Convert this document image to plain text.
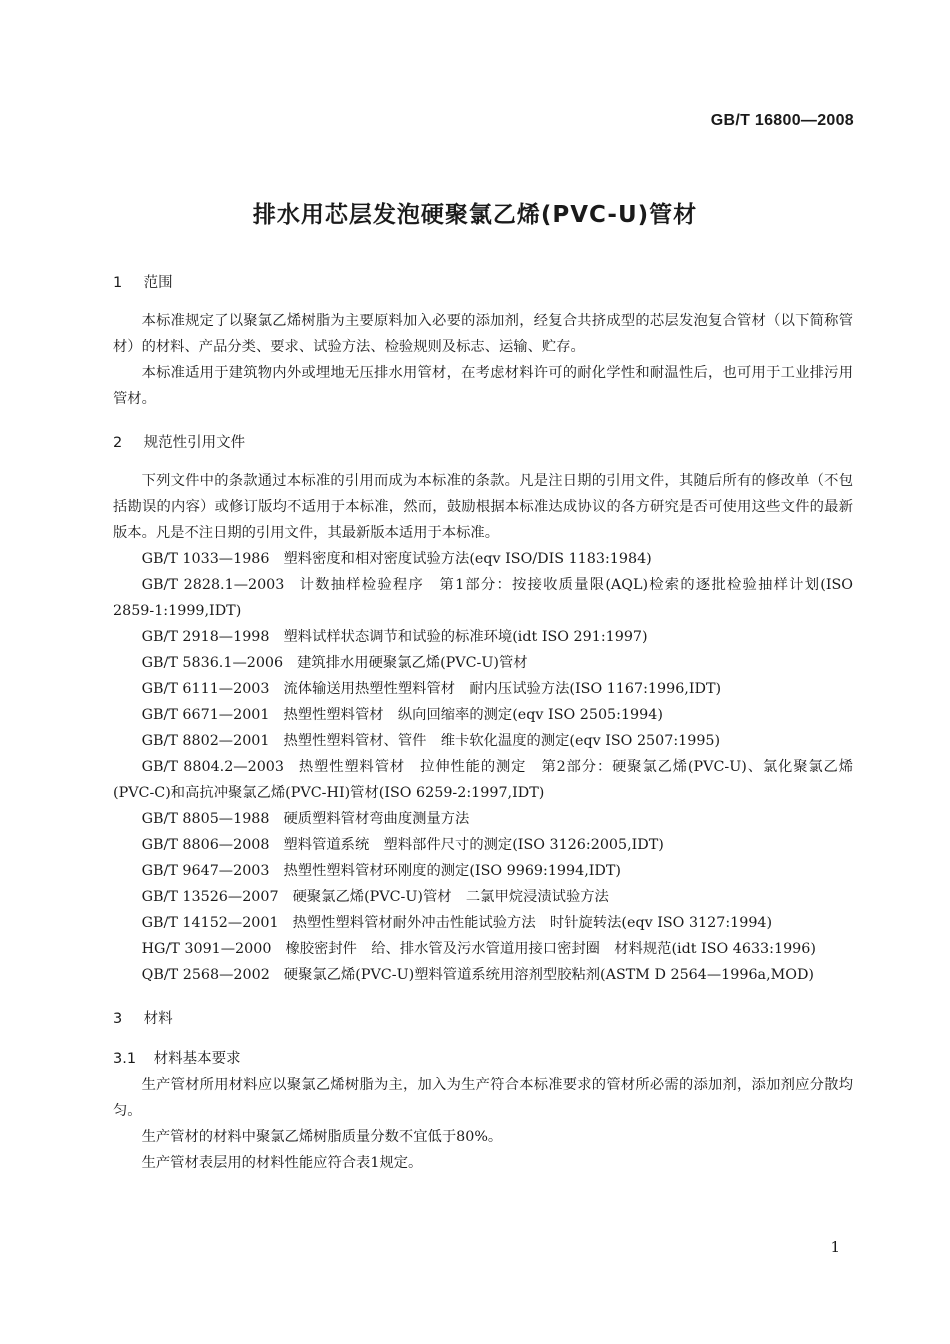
GB/T 16800—2008
排水用芯层发泡硬聚氯乙烯(PVC-U)管材
1 范围

本标准规定了以聚氯乙烯树脂为主要原料加入必要的添加剂，经复合共挤成型的芯层发泡复合管材（以下简称管材）的材料、产品分类、要求、试验方法、检验规则及标志、运输、贮存。

本标准适用于建筑物内外或埋地无压排水用管材，在考虑材料许可的耐化学性和耐温性后，也可用于工业排污用管材。

2 规范性引用文件

下列文件中的条款通过本标准的引用而成为本标准的条款。凡是注日期的引用文件，其随后所有的修改单（不包括勘误的内容）或修订版均不适用于本标准，然而，鼓励根据本标准达成协议的各方研究是否可使用这些文件的最新版本。凡是不注日期的引用文件，其最新版本适用于本标准。

GB/T 1033—1986 塑料密度和相对密度试验方法(eqv ISO/DIS 1183:1984)

GB/T 2828.1—2003 计数抽样检验程序　第1部分：按接收质量限(AQL)检索的逐批检验抽样计划(ISO 2859-1:1999,IDT)

GB/T 2918—1998 塑料试样状态调节和试验的标准环境(idt ISO 291:1997)

GB/T 5836.1—2006 建筑排水用硬聚氯乙烯(PVC-U)管材

GB/T 6111—2003 流体输送用热塑性塑料管材　耐内压试验方法(ISO 1167:1996,IDT)

GB/T 6671—2001 热塑性塑料管材　纵向回缩率的测定(eqv ISO 2505:1994)

GB/T 8802—2001 热塑性塑料管材、管件　维卡软化温度的测定(eqv ISO 2507:1995)

GB/T 8804.2—2003 热塑性塑料管材　拉伸性能的测定　第2部分：硬聚氯乙烯(PVC-U)、氯化聚氯乙烯(PVC-C)和高抗冲聚氯乙烯(PVC-HI)管材(ISO 6259-2:1997,IDT)

GB/T 8805—1988 硬质塑料管材弯曲度测量方法

GB/T 8806—2008 塑料管道系统　塑料部件尺寸的测定(ISO 3126:2005,IDT)

GB/T 9647—2003 热塑性塑料管材环刚度的测定(ISO 9969:1994,IDT)

GB/T 13526—2007 硬聚氯乙烯(PVC-U)管材　二氯甲烷浸渍试验方法

GB/T 14152—2001 热塑性塑料管材耐外冲击性能试验方法　时针旋转法(eqv ISO 3127:1994)

HG/T 3091—2000 橡胶密封件　给、排水管及污水管道用接口密封圈　材料规范(idt ISO 4633:1996)

QB/T 2568—2002 硬聚氯乙烯(PVC-U)塑料管道系统用溶剂型胶粘剂(ASTM D 2564—1996a,MOD)

3 材料
3.1 材料基本要求

生产管材所用材料应以聚氯乙烯树脂为主，加入为生产符合本标准要求的管材所必需的添加剂，添加剂应分散均匀。

生产管材的材料中聚氯乙烯树脂质量分数不宜低于80%。

生产管材表层用的材料性能应符合表1规定。

1
